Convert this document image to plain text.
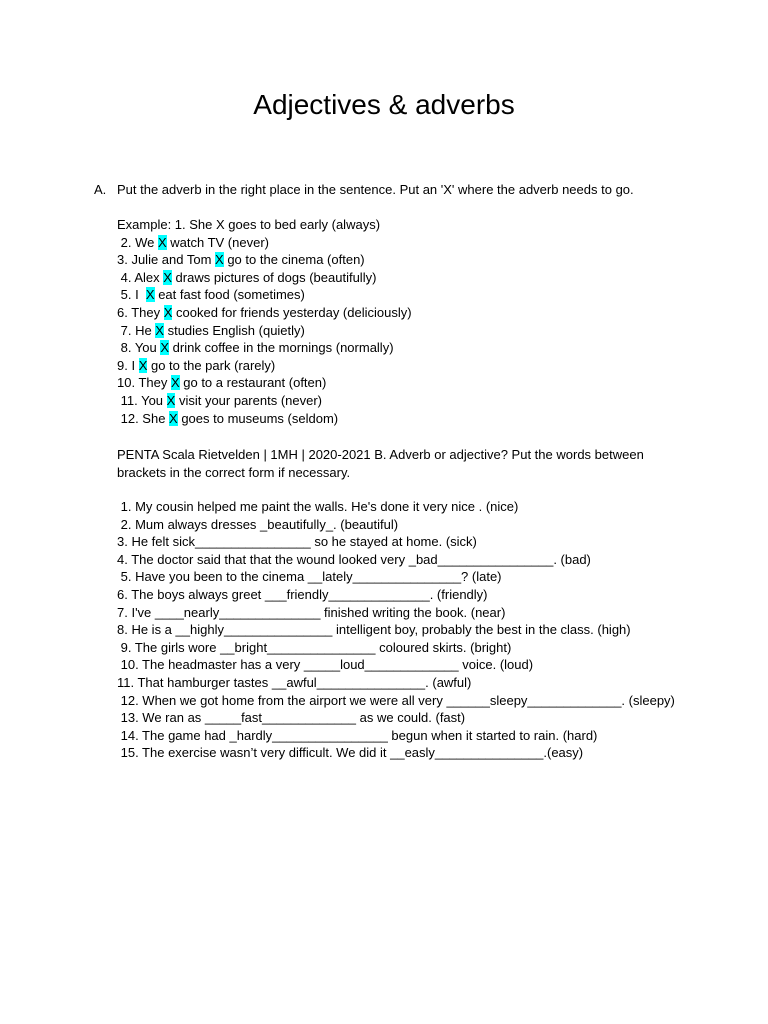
Adjectives & adverbs
A. Put the adverb in the right place in the sentence. Put an 'X' where the adverb needs to go.
Example: 1. She X goes to bed early (always)
2. We X watch TV (never)
3. Julie and Tom X go to the cinema (often)
4. Alex X draws pictures of dogs (beautifully)
5. I  X eat fast food (sometimes)
6. They X cooked for friends yesterday (deliciously)
7. He X studies English (quietly)
8. You X drink coffee in the mornings (normally)
9. I X go to the park (rarely)
10. They X go to a restaurant (often)
11. You X visit your parents (never)
12. She X goes to museums (seldom)
PENTA Scala Rietvelden | 1MH | 2020-2021 B. Adverb or adjective? Put the words between brackets in the correct form if necessary.
1. My cousin helped me paint the walls. He's done it very nice . (nice)
2. Mum always dresses _beautifully_. (beautiful)
3. He felt sick________________ so he stayed at home. (sick)
4. The doctor said that that the wound looked very _bad________________. (bad)
5. Have you been to the cinema __lately_______________? (late)
6. The boys always greet ___friendly______________. (friendly)
7. I've ____nearly______________ finished writing the book. (near)
8. He is a __highly_______________ intelligent boy, probably the best in the class. (high)
9. The girls wore __bright_______________ coloured skirts. (bright)
10. The headmaster has a very _____loud_____________ voice. (loud)
11. That hamburger tastes __awful_______________. (awful)
12. When we got home from the airport we were all very ______sleepy_____________. (sleepy)
13. We ran as _____fast_____________ as we could. (fast)
14. The game had _hardly________________ begun when it started to rain. (hard)
15. The exercise wasn’t very difficult. We did it __easly_______________.(easy)
